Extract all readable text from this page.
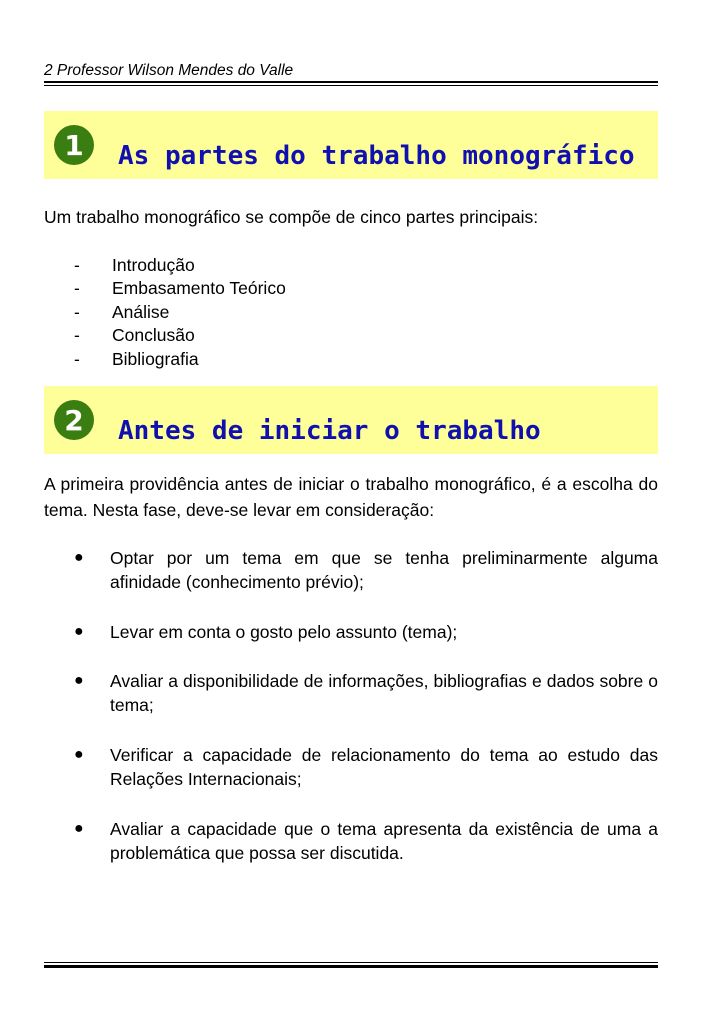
2 Professor Wilson Mendes do Valle
1	As partes do trabalho monográfico
Um trabalho monográfico se compõe de cinco partes principais:
-	Introdução
-	Embasamento Teórico
-	Análise
-	Conclusão
-	Bibliografia
2	Antes de iniciar o trabalho
A primeira providência antes de iniciar o trabalho monográfico, é a escolha do tema. Nesta fase, deve-se levar em consideração:
●	Optar por um tema em que se tenha preliminarmente alguma afinidade (conhecimento prévio);
●	Levar em conta o gosto pelo assunto (tema);
●	Avaliar a disponibilidade de informações, bibliografias e dados sobre o tema;
●	Verificar a capacidade de relacionamento do tema ao estudo das Relações Internacionais;
●	Avaliar a capacidade que o tema apresenta da existência de uma a problemática que possa ser discutida.
